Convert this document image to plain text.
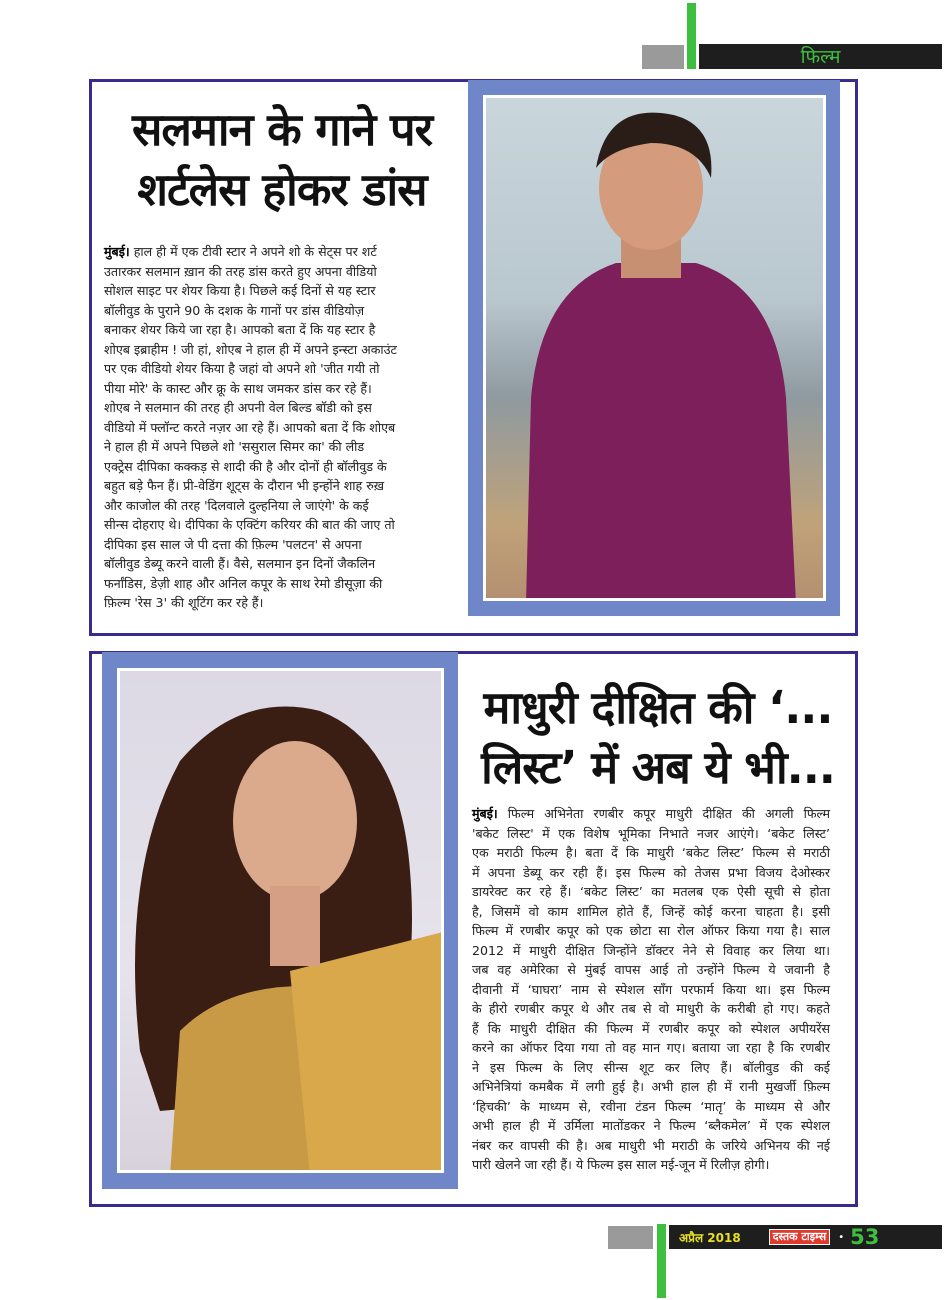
फिल्म
सलमान के गाने पर
शर्टलेस होकर डांस
मुंबई। हाल ही में एक टीवी स्टार ने अपने शो के सेट्स पर शर्ट
उतारकर सलमान ख़ान की तरह डांस करते हुए अपना वीडियो
सोशल साइट पर शेयर किया है। पिछले कई दिनों से यह स्टार
बॉलीवुड के पुराने 90 के दशक के गानों पर डांस वीडियोज़
बनाकर शेयर किये जा रहा है। आपको बता दें कि यह स्टार है
शोएब इब्राहीम ! जी हां, शोएब ने हाल ही में अपने इन्स्टा अकाउंट
पर एक वीडियो शेयर किया है जहां वो अपने शो 'जीत गयी तो
पीया मोरे' के कास्ट और क्रू के साथ जमकर डांस कर रहे हैं।
शोएब ने सलमान की तरह ही अपनी वेल बिल्ड बॉडी को इस
वीडियो में फ्लॉन्ट करते नज़र आ रहे हैं। आपको बता दें कि शोएब
ने हाल ही में अपने पिछले शो 'ससुराल सिमर का' की लीड
एक्ट्रेस दीपिका कक्कड़ से शादी की है और दोनों ही बॉलीवुड के
बहुत बड़े फैन हैं। प्री-वेडिंग शूट्स के दौरान भी इन्होंने शाह रुख़
और काजोल की तरह 'दिलवाले दुल्हनिया ले जाएंगे' के कई
सीन्स दोहराए थे। दीपिका के एक्टिंग करियर की बात की जाए तो
दीपिका इस साल जे पी दत्ता की फ़िल्म 'पलटन' से अपना
बॉलीवुड डेब्यू करने वाली हैं। वैसे, सलमान इन दिनों जैकलिन
फर्नांडिस, डेज़ी शाह और अनिल कपूर के साथ रेमो डीसूज़ा की
फ़िल्म 'रेस 3' की शूटिंग कर रहे हैं।
माधुरी दीक्षित की ‘...
लिस्ट’ में अब ये भी...
मुंबई। फिल्म अभिनेता रणबीर कपूर माधुरी दीक्षित की अगली फिल्म
'बकेट लिस्ट' में एक विशेष भूमिका निभाते नजर आएंगे। ‘बकेट लिस्ट’
एक मराठी फिल्म है। बता दें कि माधुरी ‘बकेट लिस्ट’ फिल्म से मराठी
में अपना डेब्यू कर रही हैं। इस फिल्म को तेजस प्रभा विजय देओस्कर
डायरेक्ट कर रहे हैं। ‘बकेट लिस्ट’ का मतलब एक ऐसी सूची से होता
है, जिसमें वो काम शामिल होते हैं, जिन्हें कोई करना चाहता है। इसी
फिल्म में रणबीर कपूर को एक छोटा सा रोल ऑफर किया गया है। साल
2012 में माधुरी दीक्षित जिन्होंने डॉक्टर नेने से विवाह कर लिया था।
जब वह अमेरिका से मुंबई वापस आई तो उन्होंने फिल्म ये जवानी है
दीवानी में ‘घाघरा’ नाम से स्पेशल सॉंग परफार्म किया था। इस फिल्म
के हीरो रणबीर कपूर थे और तब से वो माधुरी के करीबी हो गए। कहते
हैं कि माधुरी दीक्षित की फिल्म में रणबीर कपूर को स्पेशल अपीयरेंस
करने का ऑफर दिया गया तो वह मान गए। बताया जा रहा है कि रणबीर
ने इस फिल्म के लिए सीन्स शूट कर लिए हैं। बॉलीवुड की कई
अभिनेत्रियां कमबैक में लगी हुई है। अभी हाल ही में रानी मुखर्जी फ़िल्म
‘हिचकी’ के माध्यम से, रवीना टंडन फिल्म ‘मातृ’ के माध्यम से और
अभी हाल ही में उर्मिला मातोंडकर ने फिल्म ‘ब्लैकमेल’ में एक स्पेशल
नंबर कर वापसी की है। अब माधुरी भी मराठी के जरिये अभिनय की नई
पारी खेलने जा रही हैं। ये फिल्म इस साल मई-जून में रिलीज़ होगी।
अप्रैल 2018	दस्तक टाइम्स	• 53
